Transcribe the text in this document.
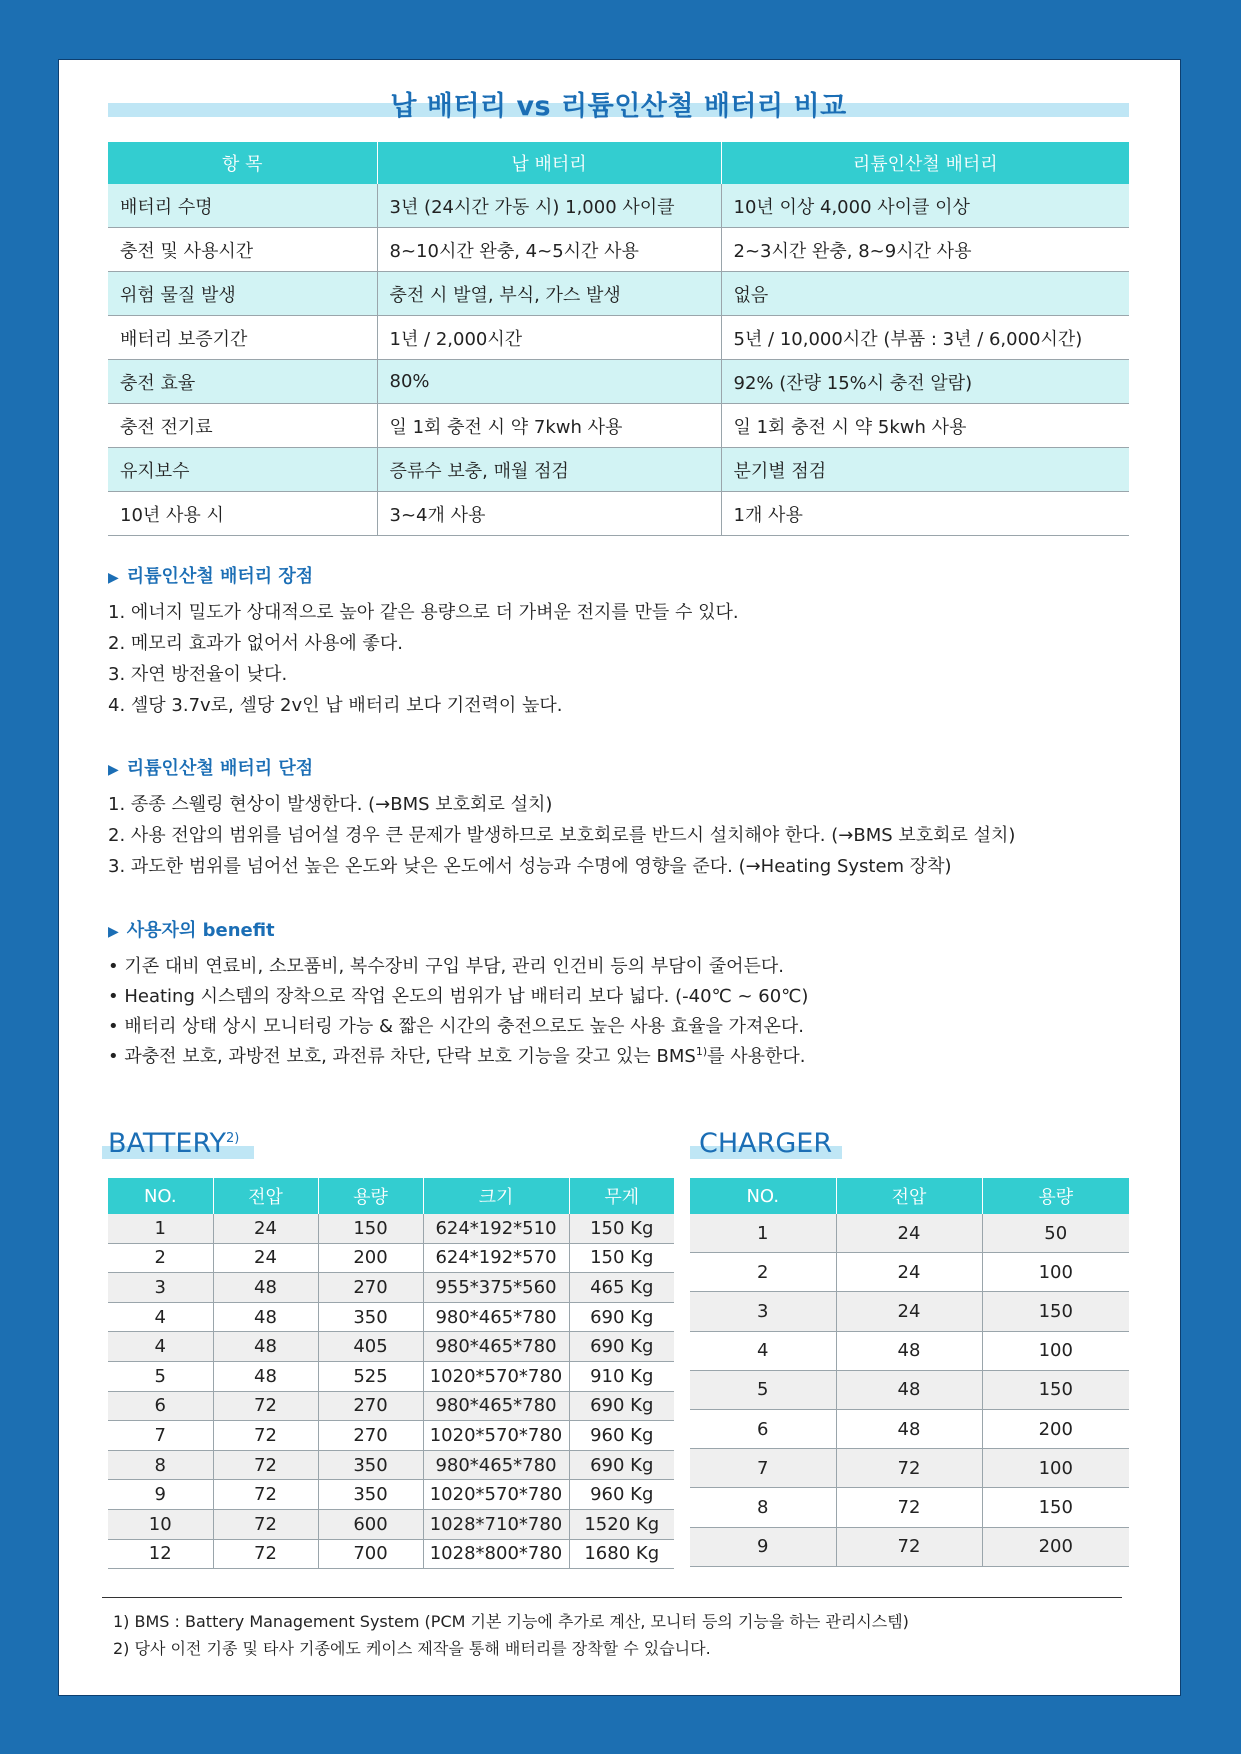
납 배터리 vs 리튬인산철 배터리 비교
항 목	납 배터리	리튬인산철 배터리
배터리 수명	3년 (24시간 가동 시) 1,000 사이클	10년 이상 4,000 사이클 이상
충전 및 사용시간	8~10시간 완충, 4~5시간 사용	2~3시간 완충, 8~9시간 사용
위험 물질 발생	충전 시 발열, 부식, 가스 발생	없음
배터리 보증기간	1년 / 2,000시간	5년 / 10,000시간 (부품 : 3년 / 6,000시간)
충전 효율	80%	92% (잔량 15%시 충전 알람)
충전 전기료	일 1회 충전 시 약 7kwh 사용	일 1회 충전 시 약 5kwh 사용
유지보수	증류수 보충, 매월 점검	분기별 점검
10년 사용 시	3~4개 사용	1개 사용
▶ 리튬인산철 배터리 장점
1. 에너지 밀도가 상대적으로 높아 같은 용량으로 더 가벼운 전지를 만들 수 있다.
2. 메모리 효과가 없어서 사용에 좋다.
3. 자연 방전율이 낮다.
4. 셀당 3.7v로, 셀당 2v인 납 배터리 보다 기전력이 높다.
▶ 리튬인산철 배터리 단점
1. 종종 스웰링 현상이 발생한다. (→BMS 보호회로 설치)
2. 사용 전압의 범위를 넘어설 경우 큰 문제가 발생하므로 보호회로를 반드시 설치해야 한다. (→BMS 보호회로 설치)
3. 과도한 범위를 넘어선 높은 온도와 낮은 온도에서 성능과 수명에 영향을 준다. (→Heating System 장착)
▶ 사용자의 benefit
• 기존 대비 연료비, 소모품비, 복수장비 구입 부담, 관리 인건비 등의 부담이 줄어든다.
• Heating 시스템의 장착으로 작업 온도의 범위가 납 배터리 보다 넓다. (-40℃ ~ 60℃)
• 배터리 상태 상시 모니터링 가능 & 짧은 시간의 충전으로도 높은 사용 효율을 가져온다.
• 과충전 보호, 과방전 보호, 과전류 차단, 단락 보호 기능을 갖고 있는 BMS$^{1)}$를 사용한다.
BATTERY$^{2)}$	CHARGER
NO.	전압	용량	크기	무게
1	24	150	624*192*510	150 Kg
2	24	200	624*192*570	150 Kg
3	48	270	955*375*560	465 Kg
4	48	350	980*465*780	690 Kg
4	48	405	980*465*780	690 Kg
5	48	525	1020*570*780	910 Kg
6	72	270	980*465*780	690 Kg
7	72	270	1020*570*780	960 Kg
8	72	350	980*465*780	690 Kg
9	72	350	1020*570*780	960 Kg
10	72	600	1028*710*780	1520 Kg
12	72	700	1028*800*780	1680 Kg
NO.	전압	용량
1	24	50
2	24	100
3	24	150
4	48	100
5	48	150
6	48	200
7	72	100
8	72	150
9	72	200
1) BMS : Battery Management System (PCM 기본 기능에 추가로 계산, 모니터 등의 기능을 하는 관리시스템)
2) 당사 이전 기종 및 타사 기종에도 케이스 제작을 통해 배터리를 장착할 수 있습니다.
